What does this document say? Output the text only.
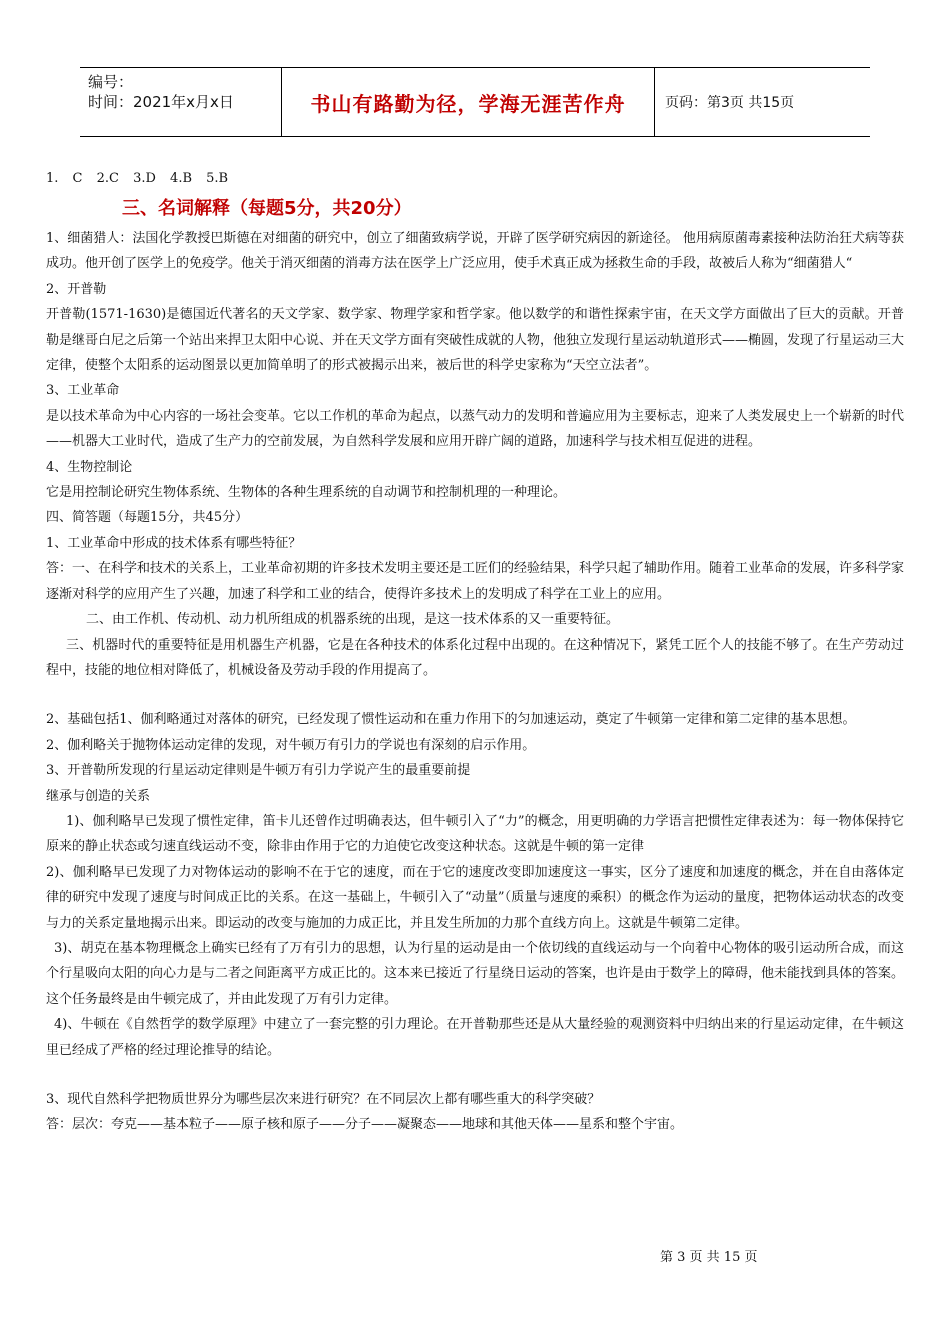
编号：
时间：2021年x月x日	书山有路勤为径，学海无涯苦作舟	页码：第3页 共15页
1. C 2.C 3.D 4.B 5.B
三、名词解释（每题5分，共20分）

1、细菌猎人：法国化学教授巴斯德在对细菌的研究中，创立了细菌致病学说，开辟了医学研究病因的新途径。 他用病原菌毒素接种法防治狂犬病等获成功。他开创了医学上的免疫学。他关于消灭细菌的消毒方法在医学上广泛应用，使手术真正成为拯救生命的手段，故被后人称为“细菌猎人“

2、开普勒

开普勒(1571-1630)是德国近代著名的天文学家、数学家、物理学家和哲学家。他以数学的和谐性探索宇宙，在天文学方面做出了巨大的贡献。开普勒是继哥白尼之后第一个站出来捍卫太阳中心说、并在天文学方面有突破性成就的人物，他独立发现行星运动轨道形式——椭圆，发现了行星运动三大定律，使整个太阳系的运动图景以更加简单明了的形式被揭示出来，被后世的科学史家称为“天空立法者”。

3、工业革命

是以技术革命为中心内容的一场社会变革。它以工作机的革命为起点，以蒸气动力的发明和普遍应用为主要标志，迎来了人类发展史上一个崭新的时代——机器大工业时代，造成了生产力的空前发展，为自然科学发展和应用开辟广阔的道路，加速科学与技术相互促进的进程。

4、生物控制论

它是用控制论研究生物体系统、生物体的各种生理系统的自动调节和控制机理的一种理论。

四、简答题（每题15分，共45分）

1、工业革命中形成的技术体系有哪些特征？

答：一、在科学和技术的关系上，工业革命初期的许多技术发明主要还是工匠们的经验结果，科学只起了辅助作用。随着工业革命的发展，许多科学家逐渐对科学的应用产生了兴趣，加速了科学和工业的结合，使得许多技术上的发明成了科学在工业上的应用。

二、由工作机、传动机、动力机所组成的机器系统的出现，是这一技术体系的又一重要特征。

三、机器时代的重要特征是用机器生产机器，它是在各种技术的体系化过程中出现的。在这种情况下，紧凭工匠个人的技能不够了。在生产劳动过程中，技能的地位相对降低了，机械设备及劳动手段的作用提高了。

2、基础包括1、伽利略通过对落体的研究，已经发现了惯性运动和在重力作用下的匀加速运动，奠定了牛顿第一定律和第二定律的基本思想。

2、伽利略关于抛物体运动定律的发现，对牛顿万有引力的学说也有深刻的启示作用。

3、开普勒所发现的行星运动定律则是牛顿万有引力学说产生的最重要前提

继承与创造的关系

1)、伽利略早已发现了惯性定律，笛卡儿还曾作过明确表达，但牛顿引入了“力”的概念，用更明确的力学语言把惯性定律表述为：每一物体保持它原来的静止状态或匀速直线运动不变，除非由作用于它的力迫使它改变这种状态。这就是牛顿的第一定律

2)、伽利略早已发现了力对物体运动的影响不在于它的速度，而在于它的速度改变即加速度这一事实，区分了速度和加速度的概念，并在自由落体定律的研究中发现了速度与时间成正比的关系。在这一基础上，牛顿引入了“动量”（质量与速度的乘积）的概念作为运动的量度，把物体运动状态的改变与力的关系定量地揭示出来。即运动的改变与施加的力成正比，并且发生所加的力那个直线方向上。这就是牛顿第二定律。

3)、胡克在基本物理概念上确实已经有了万有引力的思想，认为行星的运动是由一个依切线的直线运动与一个向着中心物体的吸引运动所合成，而这个行星吸向太阳的向心力是与二者之间距离平方成正比的。这本来已接近了行星绕日运动的答案，也许是由于数学上的障碍，他未能找到具体的答案。这个任务最终是由牛顿完成了，并由此发现了万有引力定律。

4)、牛顿在《自然哲学的数学原理》中建立了一套完整的引力理论。在开普勒那些还是从大量经验的观测资料中归纳出来的行星运动定律，在牛顿这里已经成了严格的经过理论推导的结论。

3、现代自然科学把物质世界分为哪些层次来进行研究？在不同层次上都有哪些重大的科学突破？

答：层次：夸克——基本粒子——原子核和原子——分子——凝聚态——地球和其他天体——星系和整个宇宙。

第 3 页 共 15 页
